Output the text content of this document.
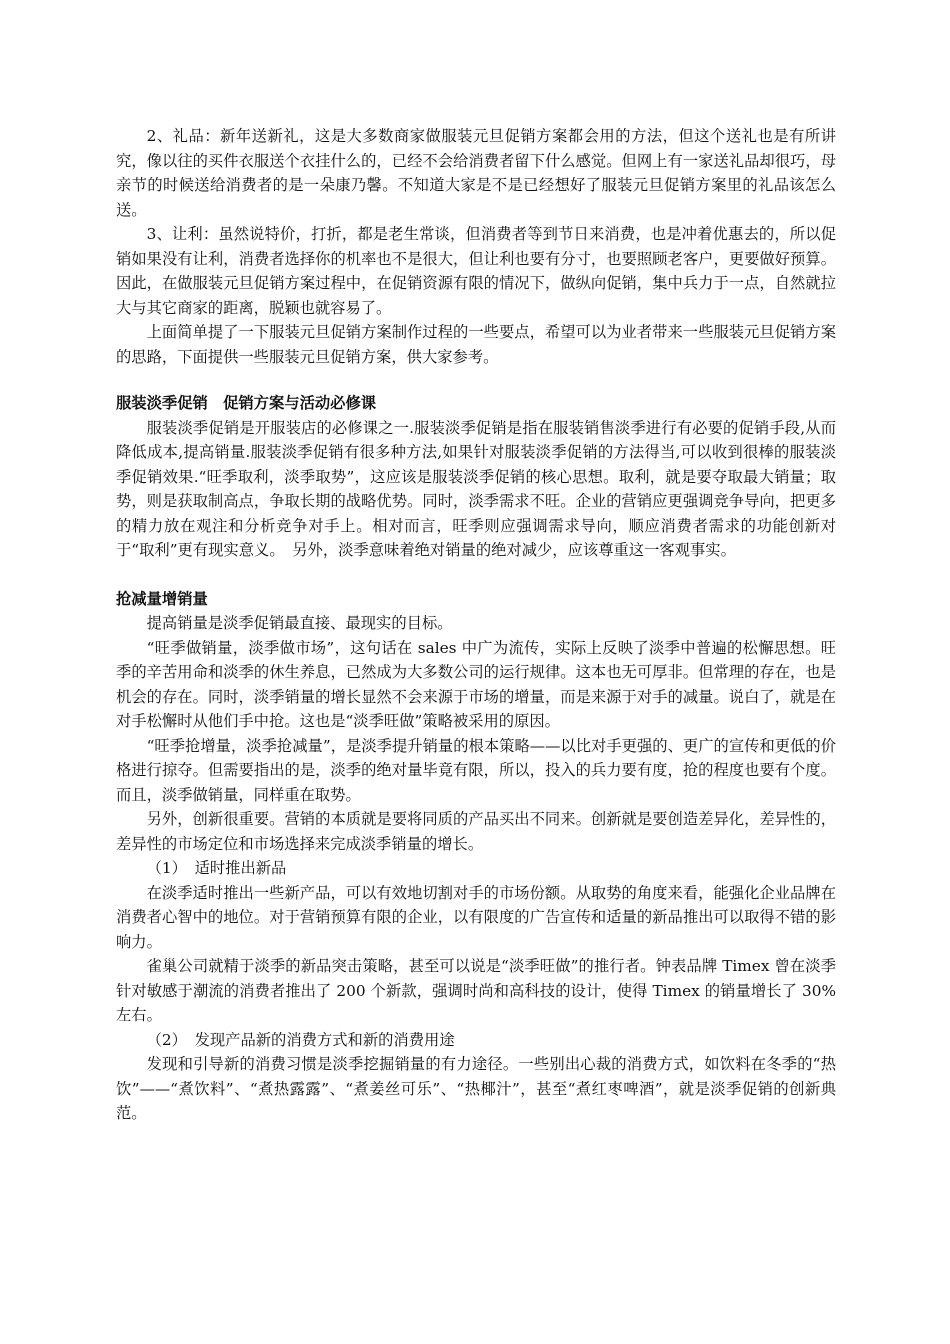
2、礼品：新年送新礼，这是大多数商家做服装元旦促销方案都会用的方法，但这个送礼也是有所讲究，像以往的买件衣服送个衣挂什么的，已经不会给消费者留下什么感觉。但网上有一家送礼品却很巧，母亲节的时候送给消费者的是一朵康乃馨。不知道大家是不是已经想好了服装元旦促销方案里的礼品该怎么送。

3、让利：虽然说特价，打折，都是老生常谈，但消费者等到节日来消费，也是冲着优惠去的，所以促销如果没有让利，消费者选择你的机率也不是很大，但让利也要有分寸，也要照顾老客户，更要做好预算。因此，在做服装元旦促销方案过程中，在促销资源有限的情况下，做纵向促销，集中兵力于一点，自然就拉大与其它商家的距离，脱颖也就容易了。

上面简单提了一下服装元旦促销方案制作过程的一些要点，希望可以为业者带来一些服装元旦促销方案的思路，下面提供一些服装元旦促销方案，供大家参考。

服装淡季促销　促销方案与活动必修课

服装淡季促销是开服装店的必修课之一.服装淡季促销是指在服装销售淡季进行有必要的促销手段,从而降低成本,提高销量.服装淡季促销有很多种方法,如果针对服装淡季促销的方法得当,可以收到很棒的服装淡季促销效果.“旺季取利，淡季取势”，这应该是服装淡季促销的核心思想。取利，就是要夺取最大销量；取势，则是获取制高点，争取长期的战略优势。同时，淡季需求不旺。企业的营销应更强调竞争导向，把更多的精力放在观注和分析竞争对手上。相对而言，旺季则应强调需求导向，顺应消费者需求的功能创新对于“取利”更有现实意义。　另外，淡季意味着绝对销量的绝对减少，应该尊重这一客观事实。

抢减量增销量

提高销量是淡季促销最直接、最现实的目标。

“旺季做销量，淡季做市场”，这句话在 sales 中广为流传，实际上反映了淡季中普遍的松懈思想。旺季的辛苦用命和淡季的休生养息，已然成为大多数公司的运行规律。这本也无可厚非。但常理的存在，也是机会的存在。同时，淡季销量的增长显然不会来源于市场的增量，而是来源于对手的减量。说白了，就是在对手松懈时从他们手中抢。这也是“淡季旺做”策略被采用的原因。

“旺季抢增量，淡季抢减量”，是淡季提升销量的根本策略——以比对手更强的、更广的宣传和更低的价格进行掠夺。但需要指出的是，淡季的绝对量毕竟有限，所以，投入的兵力要有度，抢的程度也要有个度。而且，淡季做销量，同样重在取势。

另外，创新很重要。营销的本质就是要将同质的产品买出不同来。创新就是要创造差异化，差异性的，差异性的市场定位和市场选择来完成淡季销量的增长。

（1）　适时推出新品

在淡季适时推出一些新产品，可以有效地切割对手的市场份额。从取势的角度来看，能强化企业品牌在消费者心智中的地位。对于营销预算有限的企业，以有限度的广告宣传和适量的新品推出可以取得不错的影响力。

雀巢公司就精于淡季的新品突击策略，甚至可以说是“淡季旺做”的推行者。钟表品牌 Timex 曾在淡季针对敏感于潮流的消费者推出了 200 个新款，强调时尚和高科技的设计，使得 Timex 的销量增长了 30%左右。

（2）　发现产品新的消费方式和新的消费用途

发现和引导新的消费习惯是淡季挖掘销量的有力途径。一些别出心裁的消费方式，如饮料在冬季的“热饮”——“煮饮料”、“煮热露露”、“煮姜丝可乐”、“热椰汁”，甚至“煮红枣啤酒”，就是淡季促销的创新典范。
